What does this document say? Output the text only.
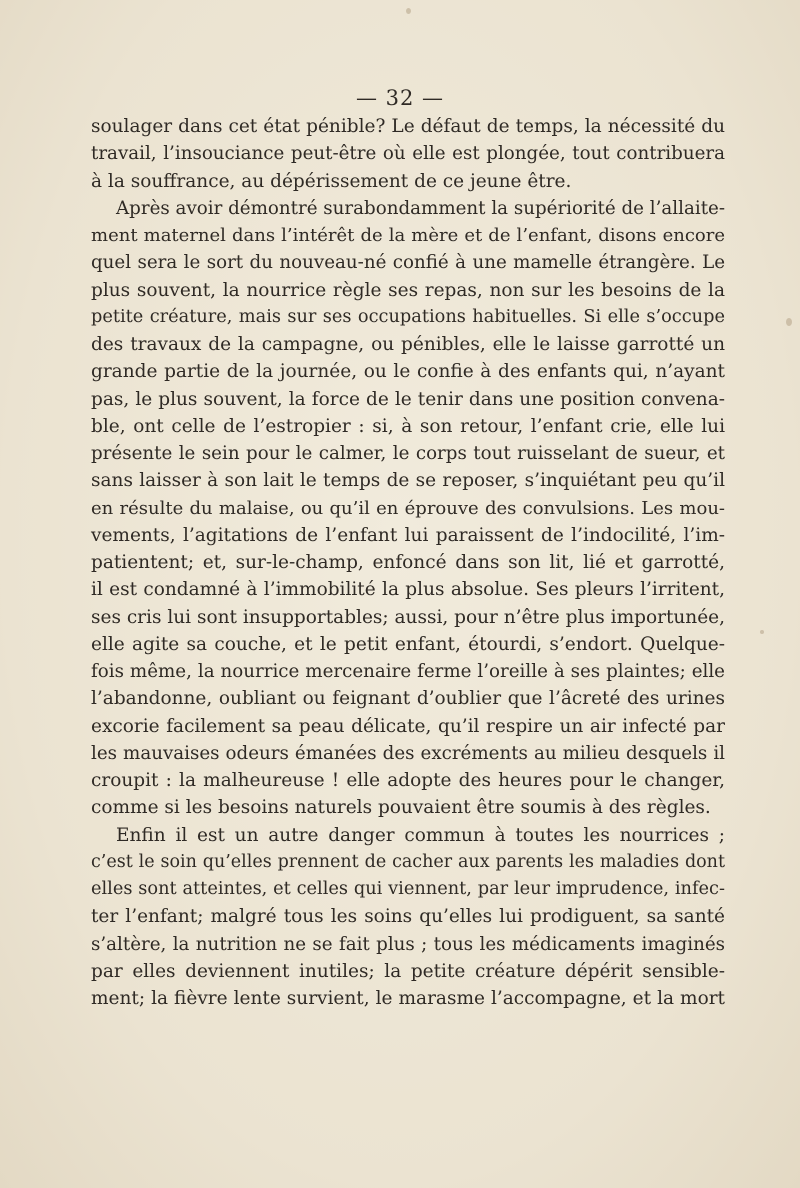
— 32 —
soulager dans cet état pénible? Le défaut de temps, la nécessité du
travail, l’insouciance peut-être où elle est plongée, tout contribuera
à la souffrance, au dépérissement de ce jeune être.
Après avoir démontré surabondamment la supériorité de l’allaite-
ment maternel dans l’intérêt de la mère et de l’enfant, disons encore
quel sera le sort du nouveau-né confié à une mamelle étrangère. Le
plus souvent, la nourrice règle ses repas, non sur les besoins de la
petite créature, mais sur ses occupations habituelles. Si elle s’occupe
des travaux de la campagne, ou pénibles, elle le laisse garrotté un
grande partie de la journée, ou le confie à des enfants qui, n’ayant
pas, le plus souvent, la force de le tenir dans une position convena-
ble, ont celle de l’estropier : si, à son retour, l’enfant crie, elle lui
présente le sein pour le calmer, le corps tout ruisselant de sueur, et
sans laisser à son lait le temps de se reposer, s’inquiétant peu qu’il
en résulte du malaise, ou qu’il en éprouve des convulsions. Les mou-
vements, l’agitations de l’enfant lui paraissent de l’indocilité, l’im-
patientent; et, sur-le-champ, enfoncé dans son lit, lié et garrotté,
il est condamné à l’immobilité la plus absolue. Ses pleurs l’irritent,
ses cris lui sont insupportables; aussi, pour n’être plus importunée,
elle agite sa couche, et le petit enfant, étourdi, s’endort. Quelque-
fois même, la nourrice mercenaire ferme l’oreille à ses plaintes; elle
l’abandonne, oubliant ou feignant d’oublier que l’âcreté des urines
excorie facilement sa peau délicate, qu’il respire un air infecté par
les mauvaises odeurs émanées des excréments au milieu desquels il
croupit : la malheureuse ! elle adopte des heures pour le changer,
comme si les besoins naturels pouvaient être soumis à des règles.
Enfin il est un autre danger commun à toutes les nourrices ;
c’est le soin qu’elles prennent de cacher aux parents les maladies dont
elles sont atteintes, et celles qui viennent, par leur imprudence, infec-
ter l’enfant; malgré tous les soins qu’elles lui prodiguent, sa santé
s’altère, la nutrition ne se fait plus ; tous les médicaments imaginés
par elles deviennent inutiles; la petite créature dépérit sensible-
ment; la fièvre lente survient, le marasme l’accompagne, et la mort
